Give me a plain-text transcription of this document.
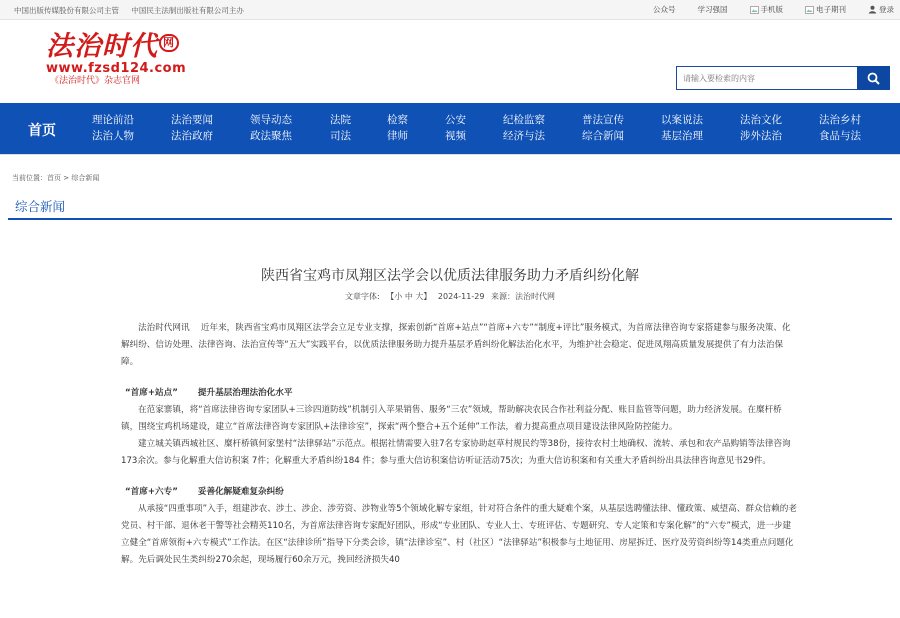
中国出版传媒股份有限公司主管 中国民主法制出版社有限公司主办	公众号	学习强国	手机版	电子期刊	登录
法治时代 网
www.fzsd124.com
《法治时代》杂志官网
请输入要检索的内容
首页
理论前沿
法治人物
法治要闻
法治政府
领导动态
政法聚焦
法院
司法
检察
律师
公安
视频
纪检监察
经济与法
普法宣传
综合新闻
以案说法
基层治理
法治文化
涉外法治
法治乡村
食品与法
当前位置：首页 > 综合新闻
综合新闻
陕西省宝鸡市凤翔区法学会以优质法律服务助力矛盾纠纷化解
文章字体: 【小 中 大】 2024-11-29 来源：法治时代网

法治时代网讯　 近年来，陕西省宝鸡市凤翔区法学会立足专业支撑，探索创新“首席+站点”“首席+六专”“制度+评比”服务模式，为首席法律咨询专家搭建参与服务决策、化解纠纷、信访处理、法律咨询、法治宣传等“五大”实践平台，以优质法律服务助力提升基层矛盾纠纷化解法治化水平，为维护社会稳定、促进凤翔高质量发展提供了有力法治保障。

“首席+站点” 提升基层治理法治化水平

在范家寨镇，将“首席法律咨询专家团队+三诊四道防线”机制引入苹果销售、服务“三农”领域，帮助解决农民合作社利益分配、账目监管等问题，助力经济发展。在糜杆桥镇，围绕宝鸡机场建设，建立“首席法律咨询专家团队+法律诊室”，探索“两个整合+五个延伸”工作法，着力提高重点项目建设法律风险防控能力。

建立城关镇西城社区、糜杆桥镇何家堡村“法律驿站”示范点。根据社情需要入驻7名专家协助赵草村规民约等38份，接待农村土地确权、流转、承包和农产品购销等法律咨询173余次。参与化解重大信访积案 7件；化解重大矛盾纠纷184 件；参与重大信访积案信访听证活动75次；为重大信访积案和有关重大矛盾纠纷出具法律咨询意见书29件。

“首席+六专” 妥善化解疑难复杂纠纷

从承接“四重事项”入手，组建涉农、涉土、涉企、涉劳资、涉物业等5个领域化解专家组，针对符合条件的重大疑难个案，从基层选聘懂法律、懂政策、威望高、群众信赖的老党员、村干部、退休老干警等社会精英110名，为首席法律咨询专家配好团队，形成“专业团队、专业人士、专班评估、专题研究、专人定策和专案化解”的“六专”模式，进一步建立健全“首席领衔+六专模式”工作法。在区“法律诊所”指导下分类会诊，镇“法律诊室”、村（社区）“法律驿站”积极参与土地征用、房屋拆迁、医疗及劳资纠纷等14类重点问题化解。先后调处民生类纠纷270余起，现场履行60余万元，挽回经济损失40
